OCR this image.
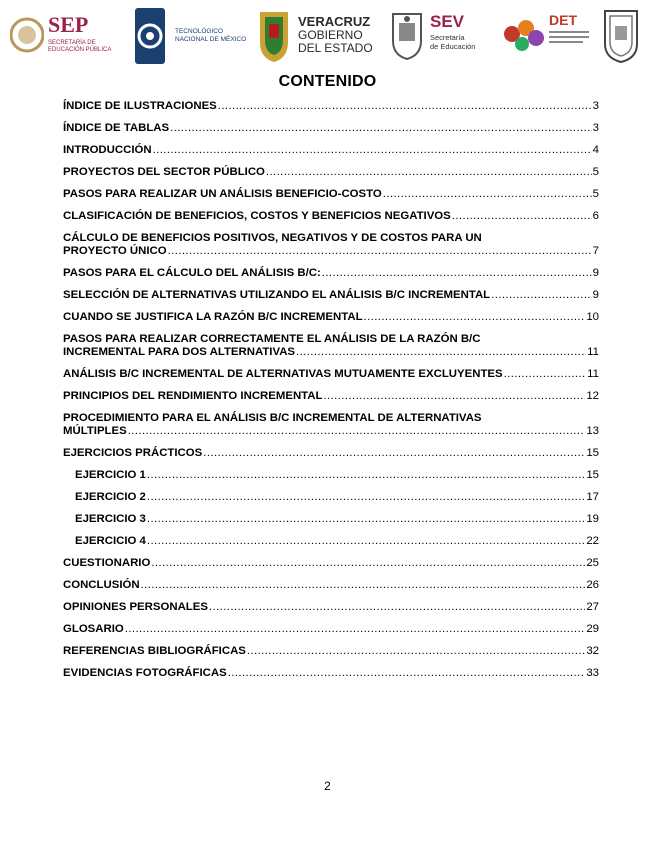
SEP
SECRETARÍA DE
EDUCACIÓN PÚBLICA
TECNOLÓGICO
NACIONAL DE MÉXICO
VERACRUZ
GOBIERNO
DEL ESTADO
SEV
Secretaría
de Educación
DET
CONTENIDO
ÍNDICE DE ILUSTRACIONES .....	3
ÍNDICE DE TABLAS .....	3
INTRODUCCIÓN .....	4
PROYECTOS DEL SECTOR PÚBLICO .....	5
PASOS PARA REALIZAR UN ANÁLISIS BENEFICIO-COSTO .....	5
CLASIFICACIÓN DE BENEFICIOS, COSTOS Y BENEFICIOS NEGATIVOS .....	6
CÁLCULO DE BENEFICIOS POSITIVOS, NEGATIVOS Y DE COSTOS PARA UN
PROYECTO ÚNICO .....	7
PASOS PARA EL CÁLCULO DEL ANÁLISIS B/C: .....	9
SELECCIÓN DE ALTERNATIVAS UTILIZANDO EL ANÁLISIS B/C INCREMENTAL .....	9
CUANDO SE JUSTIFICA LA RAZÓN B/C INCREMENTAL .....	10
PASOS PARA REALIZAR CORRECTAMENTE EL ANÁLISIS DE LA RAZÓN B/C
INCREMENTAL PARA DOS ALTERNATIVAS .....	11
ANÁLISIS B/C INCREMENTAL DE ALTERNATIVAS MUTUAMENTE EXCLUYENTES .....	11
PRINCIPIOS DEL RENDIMIENTO INCREMENTAL .....	12
PROCEDIMIENTO PARA EL ANÁLISIS B/C INCREMENTAL DE ALTERNATIVAS
MÚLTIPLES .....	13
EJERCICIOS PRÁCTICOS .....	15
EJERCICIO 1 .....	15
EJERCICIO 2 .....	17
EJERCICIO 3 .....	19
EJERCICIO 4 .....	22
CUESTIONARIO .....	25
CONCLUSIÓN .....	26
OPINIONES PERSONALES .....	27
GLOSARIO .....	29
REFERENCIAS BIBLIOGRÁFICAS .....	32
EVIDENCIAS FOTOGRÁFICAS .....	33
2
